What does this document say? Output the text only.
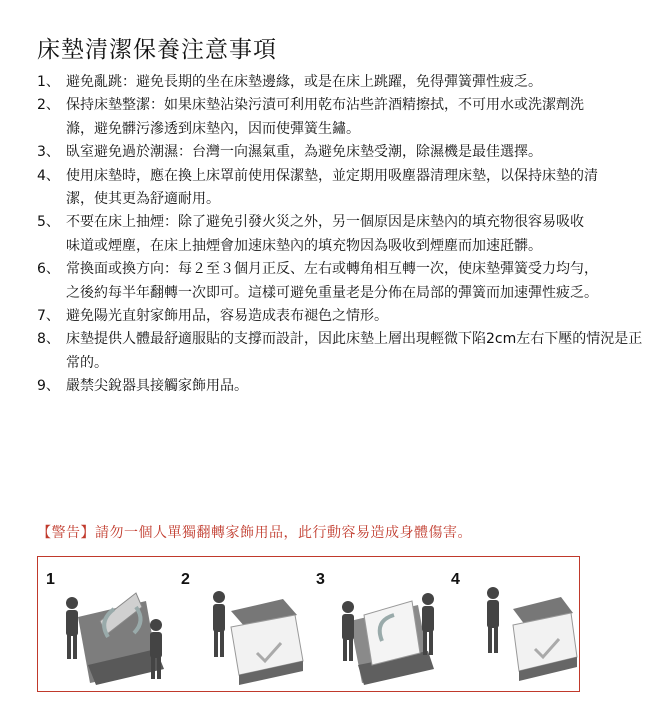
床墊清潔保養注意事項
1、 避免亂跳：避免長期的坐在床墊邊緣，或是在床上跳躍，免得彈簧彈性疲乏。
2、 保持床墊整潔：如果床墊沾染污漬可利用乾布沾些許酒精擦拭，不可用水或洗潔劑洗滌，避免髒污滲透到床墊內，因而使彈簧生鏽。
3、 臥室避免過於潮濕：台灣一向濕氣重，為避免床墊受潮，除濕機是最佳選擇。
4、 使用床墊時，應在換上床罩前使用保潔墊，並定期用吸塵器清理床墊，以保持床墊的清潔，使其更為舒適耐用。
5、 不要在床上抽煙：除了避免引發火災之外，另一個原因是床墊內的填充物很容易吸收味道或煙塵，在床上抽煙會加速床墊內的填充物因為吸收到煙塵而加速瓩髒。
6、 常換面或換方向：每２至３個月正反、左右或轉角相互轉一次，使床墊彈簧受力均勻，之後約每半年翻轉一次即可。這樣可避免重量老是分佈在局部的彈簧而加速彈性疲乏。
7、 避免陽光直射家飾用品，容易造成表布褪色之情形。
8、 床墊提供人體最舒適服貼的支撐而設計，因此床墊上層出現輕微下陷2cm左右下壓的情況是正常的。
9、 嚴禁尖銳器具接觸家飾用品。
【警告】請勿一個人單獨翻轉家飾用品，此行動容易造成身體傷害。
1	2	3	4
